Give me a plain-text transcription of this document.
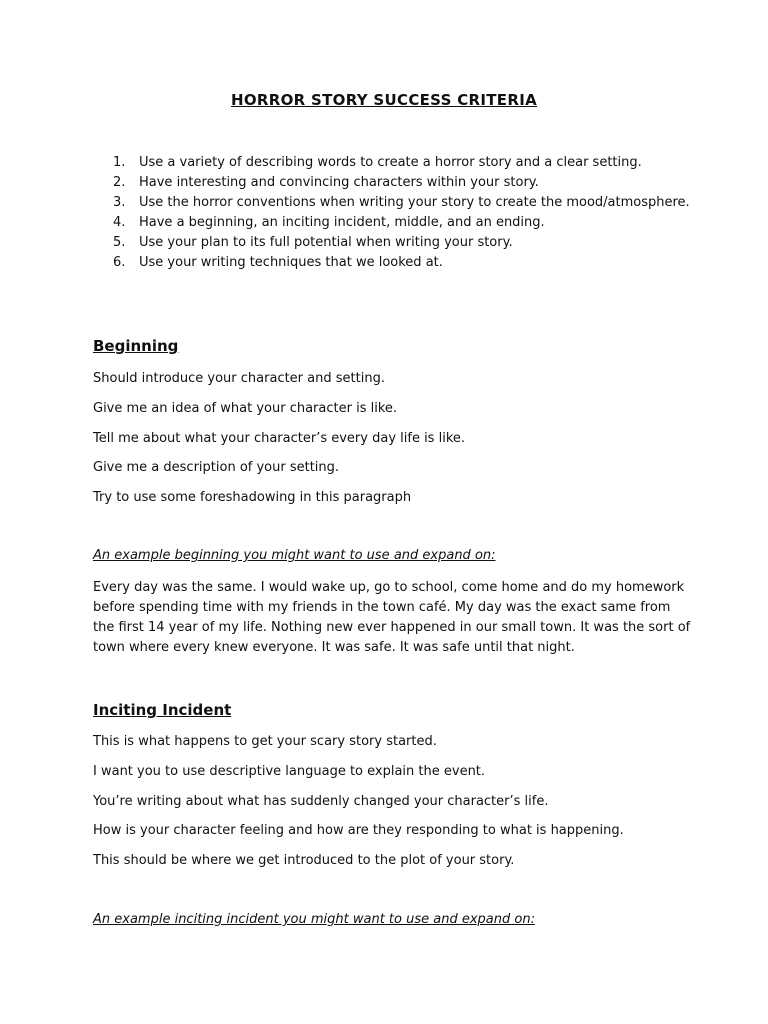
HORROR STORY SUCCESS CRITERIA
1.	Use a variety of describing words to create a horror story and a clear setting.
2.	Have interesting and convincing characters within your story.
3.	Use the horror conventions when writing your story to create the mood/atmosphere.
4.	Have a beginning, an inciting incident, middle, and an ending.
5.	Use your plan to its full potential when writing your story.
6.	Use your writing techniques that we looked at.
Beginning
Should introduce your character and setting.
Give me an idea of what your character is like.
Tell me about what your character’s every day life is like.
Give me a description of your setting.
Try to use some foreshadowing in this paragraph
An example beginning you might want to use and expand on:
Every day was the same. I would wake up, go to school, come home and do my homework before spending time with my friends in the town café. My day was the exact same from the first 14 year of my life. Nothing new ever happened in our small town. It was the sort of town where every knew everyone. It was safe. It was safe until that night.
Inciting Incident
This is what happens to get your scary story started.
I want you to use descriptive language to explain the event.
You’re writing about what has suddenly changed your character’s life.
How is your character feeling and how are they responding to what is happening.
This should be where we get introduced to the plot of your story.
An example inciting incident you might want to use and expand on:
